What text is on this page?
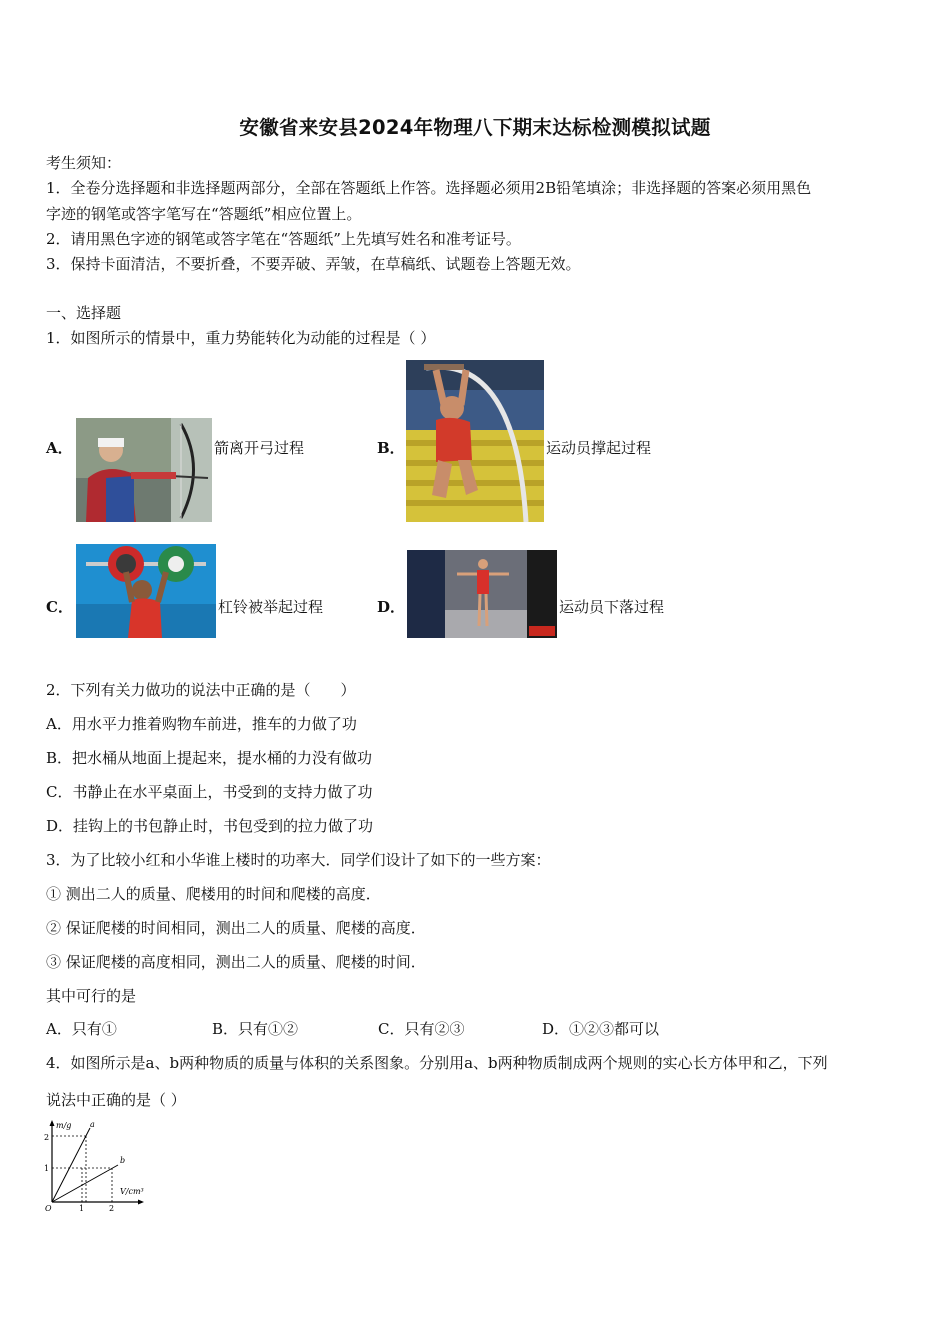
安徽省来安县2024年物理八下期末达标检测模拟试题
考生须知：
1．全卷分选择题和非选择题两部分，全部在答题纸上作答。选择题必须用2B铅笔填涂；非选择题的答案必须用黑色
字迹的钢笔或答字笔写在“答题纸”相应位置上。
2．请用黑色字迹的钢笔或答字笔在“答题纸”上先填写姓名和准考证号。
3．保持卡面清洁，不要折叠，不要弄破、弄皱，在草稿纸、试题卷上答题无效。
一、选择题
1．如图所示的情景中，重力势能转化为动能的过程是（ ）
A．	箭离开弓过程	B．	运动员撑起过程
C．	杠铃被举起过程	D．	运动员下落过程
2．下列有关力做功的说法中正确的是（　　）
A．用水平力推着购物车前进，推车的力做了功
B．把水桶从地面上提起来，提水桶的力没有做功
C．书静止在水平桌面上，书受到的支持力做了功
D．挂钩上的书包静止时，书包受到的拉力做了功
3．为了比较小红和小华谁上楼时的功率大．同学们设计了如下的一些方案：
① 测出二人的质量、爬楼用的时间和爬楼的高度．
② 保证爬楼的时间相同，测出二人的质量、爬楼的高度．
③ 保证爬楼的高度相同，测出二人的质量、爬楼的时间．
其中可行的是
A．只有①	B．只有①②	C．只有②③	D．①②③都可以
4．如图所示是a、b两种物质的质量与体积的关系图象。分别用a、b两种物质制成两个规则的实心长方体甲和乙，下列
说法中正确的是（ ）
m/g
V/cm³
O
2
1
1	2
a
b
